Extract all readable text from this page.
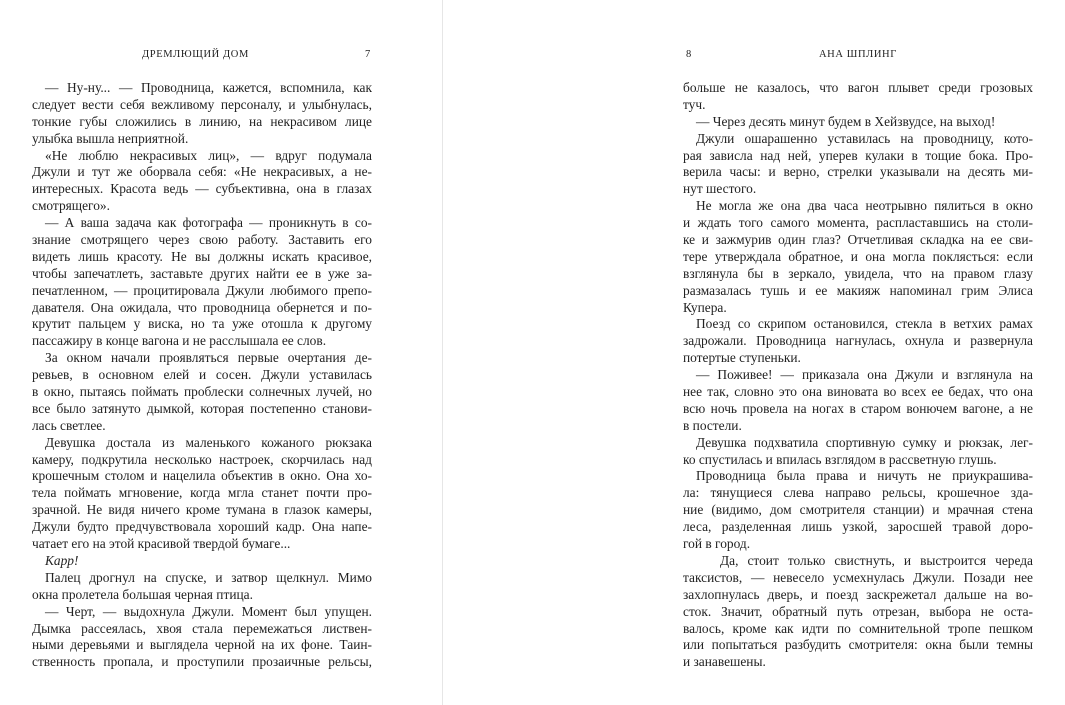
ДРЕМЛЮЩИЙ ДОМ	7
— Ну-ну... — Проводница, кажется, вспомнила, как
следует вести себя вежливому персоналу, и улыбнулась,
тонкие губы сложились в линию, на некрасивом лице
улыбка вышла неприятной.
«Не люблю некрасивых лиц», — вдруг подумала
Джули и тут же оборвала себя: «Не некрасивых, а не-
интересных. Красота ведь — субъективна, она в глазах
смотрящего».
— А ваша задача как фотографа — проникнуть в со-
знание смотрящего через свою работу. Заставить его
видеть лишь красоту. Не вы должны искать красивое,
чтобы запечатлеть, заставьте других найти ее в уже за-
печатленном, — процитировала Джули любимого препо-
давателя. Она ожидала, что проводница обернется и по-
крутит пальцем у виска, но та уже отошла к другому
пассажиру в конце вагона и не расслышала ее слов.
За окном начали проявляться первые очертания де-
ревьев, в основном елей и сосен. Джули уставилась
в окно, пытаясь поймать проблески солнечных лучей, но
все было затянуто дымкой, которая постепенно станови-
лась светлее.
Девушка достала из маленького кожаного рюкзака
камеру, подкрутила несколько настроек, скорчилась над
крошечным столом и нацелила объектив в окно. Она хо-
тела поймать мгновение, когда мгла станет почти про-
зрачной. Не видя ничего кроме тумана в глазок камеры,
Джули будто предчувствовала хороший кадр. Она напе-
чатает его на этой красивой твердой бумаге...
Карр!
Палец дрогнул на спуске, и затвор щелкнул. Мимо
окна пролетела большая черная птица.
— Черт, — выдохнула Джули. Момент был упущен.
Дымка рассеялась, хвоя стала перемежаться листвен-
ными деревьями и выглядела черной на их фоне. Таин-
ственность пропала, и проступили прозаичные рельсы,
8	АНА ШПЛИНГ
больше не казалось, что вагон плывет среди грозовых
туч.
— Через десять минут будем в Хейзвудсе, на выход!
Джули ошарашенно уставилась на проводницу, кото-
рая зависла над ней, уперев кулаки в тощие бока. Про-
верила часы: и верно, стрелки указывали на десять ми-
нут шестого.
Не могла же она два часа неотрывно пялиться в окно
и ждать того самого момента, распластавшись на столи-
ке и зажмурив один глаз? Отчетливая складка на ее сви-
тере утверждала обратное, и она могла поклясться: если
взглянула бы в зеркало, увидела, что на правом глазу
размазалась тушь и ее макияж напоминал грим Элиса
Купера.
Поезд со скрипом остановился, стекла в ветхих рамах
задрожали. Проводница нагнулась, охнула и развернула
потертые ступеньки.
— Поживее! — приказала она Джули и взглянула на
нее так, словно это она виновата во всех ее бедах, что она
всю ночь провела на ногах в старом вонючем вагоне, а не
в постели.
Девушка подхватила спортивную сумку и рюкзак, лег-
ко спустилась и впилась взглядом в рассветную глушь.
Проводница была права и ничуть не приукрашива-
ла: тянущиеся слева направо рельсы, крошечное зда-
ние (видимо, дом смотрителя станции) и мрачная стена
леса, разделенная лишь узкой, заросшей травой доро-
гой в город.
Да, стоит только свистнуть, и выстроится череда
таксистов, — невесело усмехнулась Джули. Позади нее
захлопнулась дверь, и поезд заскрежетал дальше на во-
сток. Значит, обратный путь отрезан, выбора не оста-
валось, кроме как идти по сомнительной тропе пешком
или попытаться разбудить смотрителя: окна были темны
и занавешены.
